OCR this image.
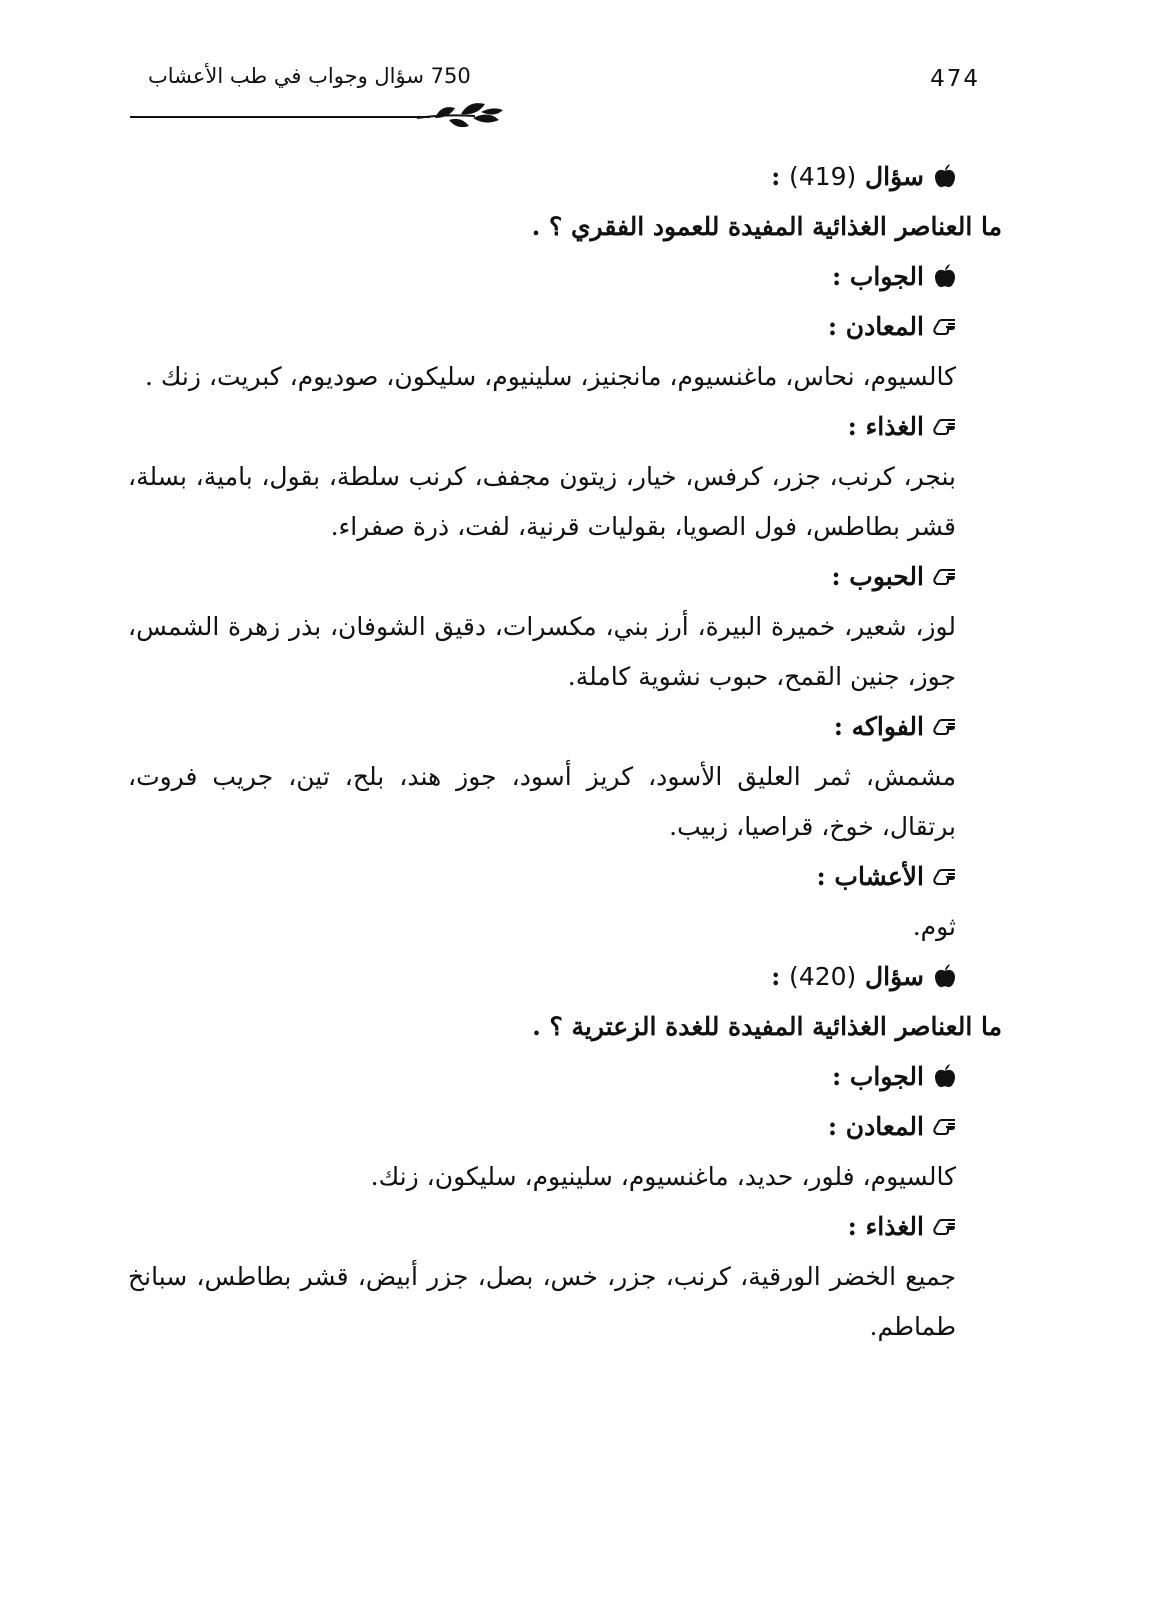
474
750 سؤال وجواب في طب الأعشاب
سؤال (419) :
ما العناصر الغذائية المفيدة للعمود الفقري ؟ .
الجواب :
المعادن :
كالسيوم، نحاس، ماغنسيوم، مانجنيز، سلينيوم، سليكون، صوديوم، كبريت، زنك .
الغذاء :
بنجر، كرنب، جزر، كرفس، خيار، زيتون مجفف، كرنب سلطة، بقول، بامية، بسلة، قشر بطاطس، فول الصويا، بقوليات قرنية، لفت، ذرة صفراء.
الحبوب :
لوز، شعير، خميرة البيرة، أرز بني، مكسرات، دقيق الشوفان، بذر زهرة الشمس، جوز، جنين القمح، حبوب نشوية كاملة.
الفواكه :
مشمش، ثمر العليق الأسود، كريز أسود، جوز هند، بلح، تين، جريب فروت، برتقال، خوخ، قراصيا، زبيب.
الأعشاب :
ثوم.
سؤال (420) :
ما العناصر الغذائية المفيدة للغدة الزعترية ؟ .
الجواب :
المعادن :
كالسيوم، فلور، حديد، ماغنسيوم، سلينيوم، سليكون، زنك.
الغذاء :
جميع الخضر الورقية، كرنب، جزر، خس، بصل، جزر أبيض، قشر بطاطس، سبانخ طماطم.
